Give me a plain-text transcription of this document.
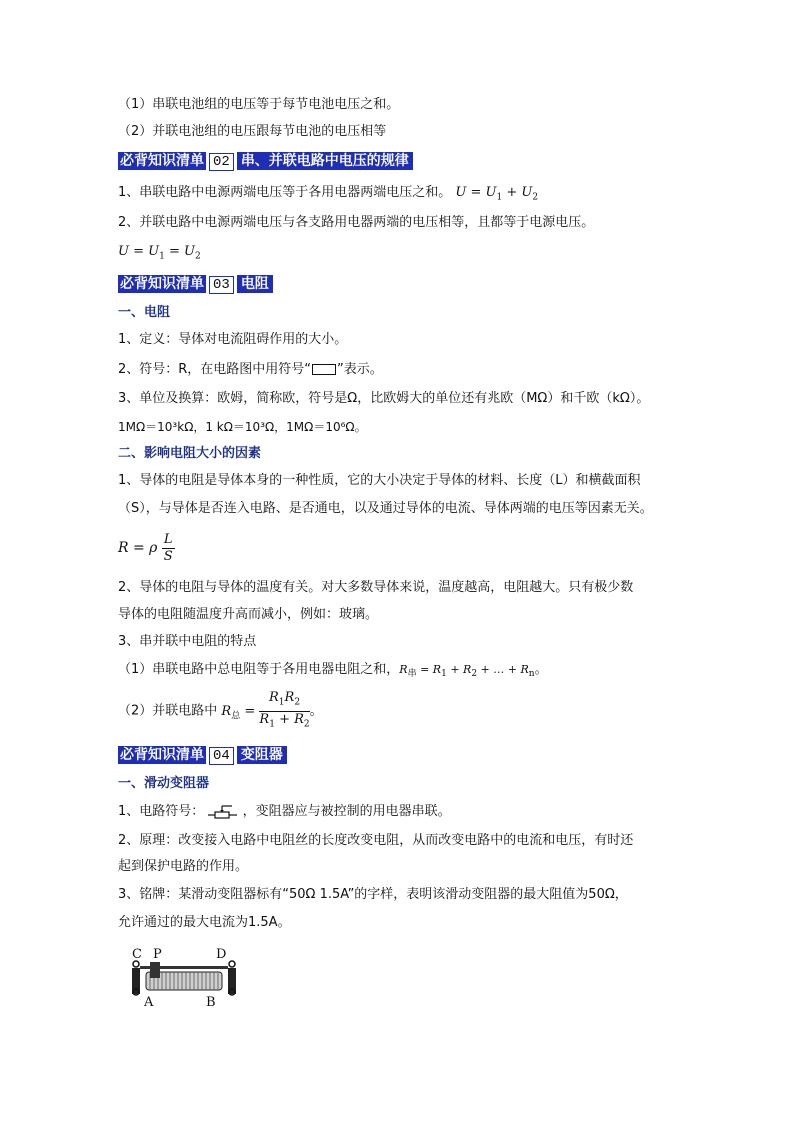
（1）串联电池组的电压等于每节电池电压之和。
（2）并联电池组的电压跟每节电池的电压相等
必背知识清单 02 串、并联电路中电压的规律
1、串联电路中电源两端电压等于各用电器两端电压之和。 $U = U_1 + U_2$
2、并联电路中电源两端电压与各支路用电器两端的电压相等，且都等于电源电压。
$U = U_1 = U_2$
必背知识清单 03 电阻
一、电阻
1、定义：导体对电流阻碍作用的大小。
2、符号：R，在电路图中用符号“ ”表示。
3、单位及换算：欧姆，简称欧，符号是Ω，比欧姆大的单位还有兆欧（MΩ）和千欧（kΩ）。
1MΩ＝10³kΩ，1 kΩ＝10³Ω，1MΩ＝10⁶Ω。
二、影响电阻大小的因素
1、导体的电阻是导体本身的一种性质，它的大小决定于导体的材料、长度（L）和横截面积
（S），与导体是否连入电路、是否通电，以及通过导体的电流、导体两端的电压等因素无关。
R = ρ $\frac{L}{S}$
2、导体的电阻与导体的温度有关。对大多数导体来说，温度越高，电阻越大。只有极少数
导体的电阻随温度升高而减小，例如：玻璃。
3、串并联中电阻的特点
（1）串联电路中总电阻等于各用电器电阻之和，$R_串 = R_1 + R_2$ + … + $R_n$。
（2）并联电路中 $R_总 = \frac{R_1R_2}{R_1 + R_2}$ 。
必背知识清单 04 变阻器
一、滑动变阻器
1、电路符号：	，变阻器应与被控制的用电器串联。
2、原理：改变接入电路中电阻丝的长度改变电阻，从而改变电路中的电流和电压，有时还
起到保护电路的作用。
3、铭牌：某滑动变阻器标有“50Ω 1.5A”的字样，表明该滑动变阻器的最大阻值为50Ω，
允许通过的最大电流为1.5A。
C P	D
A	B
